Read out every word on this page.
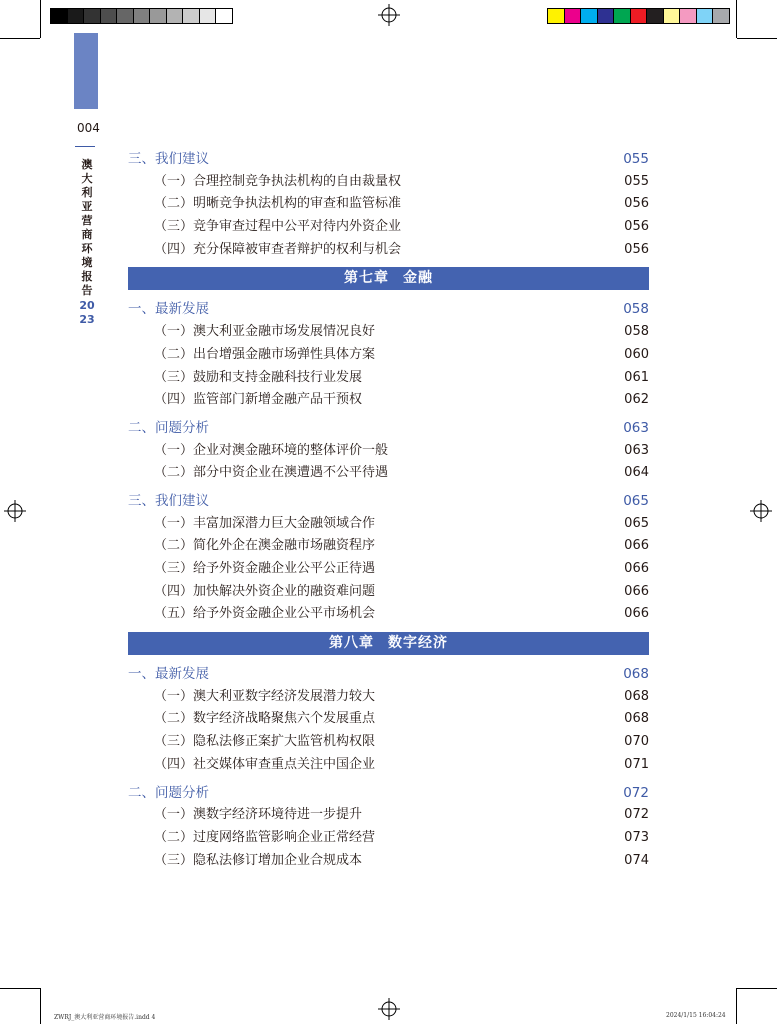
004
澳大利亚营商环境报告
2023
三、我们建议	055
（一）合理控制竞争执法机构的自由裁量权	055
（二）明晰竞争执法机构的审查和监管标准	056
（三）竞争审查过程中公平对待内外资企业	056
（四）充分保障被审查者辩护的权利与机会	056
第七章 金融
一、最新发展	058
（一）澳大利亚金融市场发展情况良好	058
（二）出台增强金融市场弹性具体方案	060
（三）鼓励和支持金融科技行业发展	061
（四）监管部门新增金融产品干预权	062
二、问题分析	063
（一）企业对澳金融环境的整体评价一般	063
（二）部分中资企业在澳遭遇不公平待遇	064
三、我们建议	065
（一）丰富加深潜力巨大金融领域合作	065
（二）简化外企在澳金融市场融资程序	066
（三）给予外资金融企业公平公正待遇	066
（四）加快解决外资企业的融资难问题	066
（五）给予外资金融企业公平市场机会	066
第八章 数字经济
一、最新发展	068
（一）澳大利亚数字经济发展潜力较大	068
（二）数字经济战略聚焦六个发展重点	068
（三）隐私法修正案扩大监管机构权限	070
（四）社交媒体审查重点关注中国企业	071
二、问题分析	072
（一）澳数字经济环境待进一步提升	072
（二）过度网络监管影响企业正常经营	073
（三）隐私法修订增加企业合规成本	074
ZWRJ_澳大利亚营商环境报告.indd 4	2024/1/15 16:04:24
